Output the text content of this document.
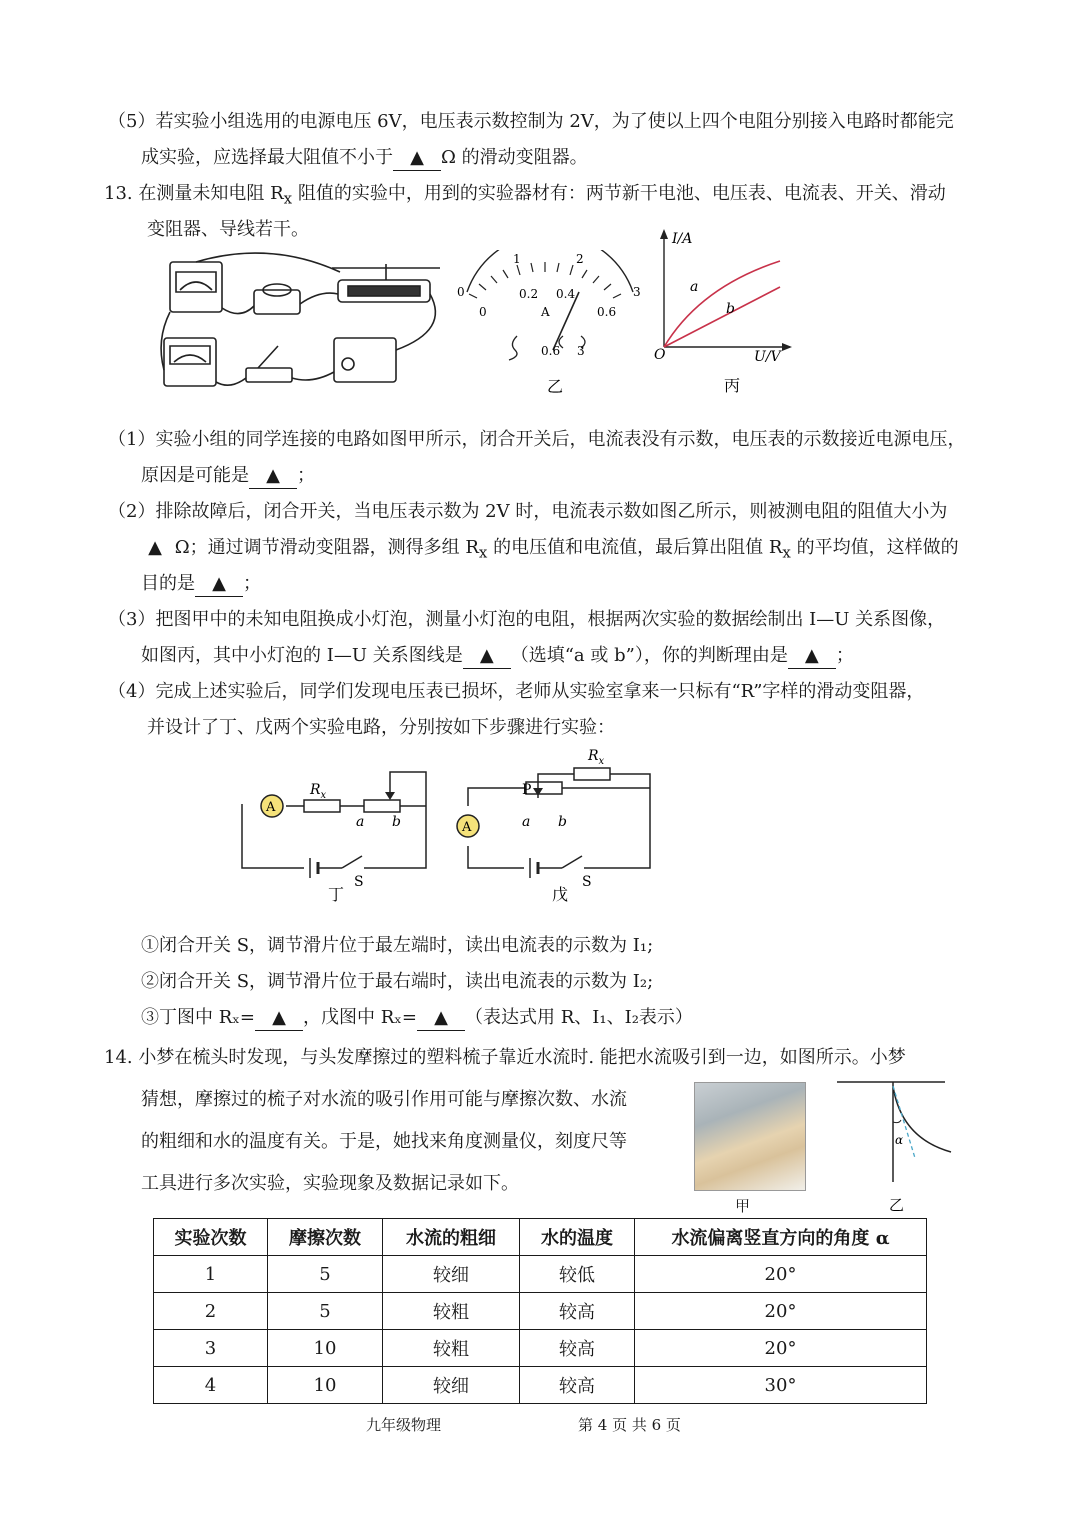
（5）若实验小组选用的电源电压 6V，电压表示数控制为 2V，为了使以上四个电阻分别接入电路时都能完
成实验，应选择最大阻值不小于 ▲ Ω 的滑动变阻器。
13. 在测量未知电阻 $R_x$ 阻值的实验中，用到的实验器材有：两节新干电池、电压表、电流表、开关、滑动
变阻器、导线若干。
0
1	2
3
0
0.2 0.4
0.6
A
0.6 3
乙
I/A
U/V
O
a
b
丙
（1）实验小组的同学连接的电路如图甲所示，闭合开关后，电流表没有示数，电压表的示数接近电源电压，
原因是可能是 ▲ ；
（2）排除故障后，闭合开关，当电压表示数为 2V 时，电流表示数如图乙所示，则被测电阻的阻值大小为
▲ Ω；通过调节滑动变阻器，测得多组 $R_x$ 的电压值和电流值，最后算出阻值 $R_x$ 的平均值，这样做的
目的是 ▲ ；
（3）把图甲中的未知电阻换成小灯泡，测量小灯泡的电阻，根据两次实验的数据绘制出 I—U 关系图像，
如图丙，其中小灯泡的 I—U 关系图线是 ▲ （选填“a 或 b”），你的判断理由是 ▲ ；
（4）完成上述实验后，同学们发现电压表已损坏，老师从实验室拿来一只标有“R”字样的滑动变阻器，
并设计了丁、戊两个实验电路，分别按如下步骤进行实验：
A
$R_x$
a b
S
丁
A
$R_x$
P
a b
S
戊
①闭合开关 S，调节滑片位于最左端时，读出电流表的示数为 I₁;
②闭合开关 S，调节滑片位于最右端时，读出电流表的示数为 I₂;
③丁图中 Rₓ= ▲ ，戊图中 Rₓ= ▲ （表达式用 R、I₁、I₂表示）
14. 小梦在梳头时发现，与头发摩擦过的塑料梳子靠近水流时. 能把水流吸引到一边，如图所示。小梦
猜想，摩擦过的梳子对水流的吸引作用可能与摩擦次数、水流
的粗细和水的温度有关。于是，她找来角度测量仪，刻度尺等
工具进行多次实验，实验现象及数据记录如下。
甲
α
乙
实验次数	摩擦次数	水流的粗细	水的温度	水流偏离竖直方向的角度 α
1	5	较细	较低	20°
2	5	较粗	较高	20°
3	10	较粗	较高	20°
4	10	较细	较高	30°
九年级物理	第 4 页 共 6 页
